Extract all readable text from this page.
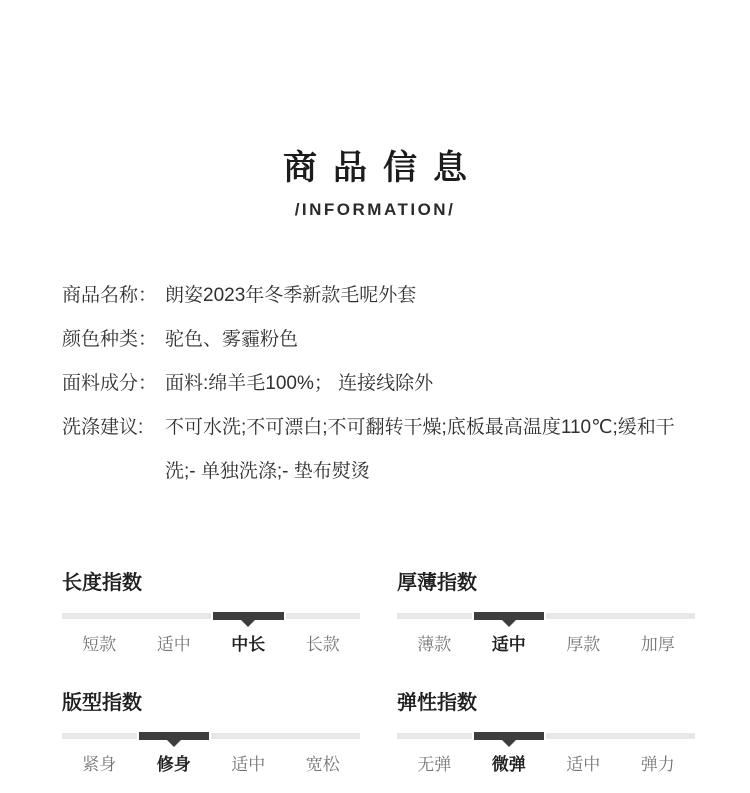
商品信息
/INFORMATION/
商品名称： 朗姿2023年冬季新款毛呢外套
颜色种类： 驼色、雾霾粉色
面料成分： 面料:绵羊毛100%； 连接线除外
洗涤建议:	不可水洗;不可漂白;不可翻转干燥;底板最高温度110℃;缓和干洗;- 单独洗涤;- 垫布熨烫
长度指数
短款	适中	中长	长款
厚薄指数
薄款	适中	厚款	加厚
版型指数
紧身	修身	适中	宽松
弹性指数
无弹	微弹	适中	弹力
